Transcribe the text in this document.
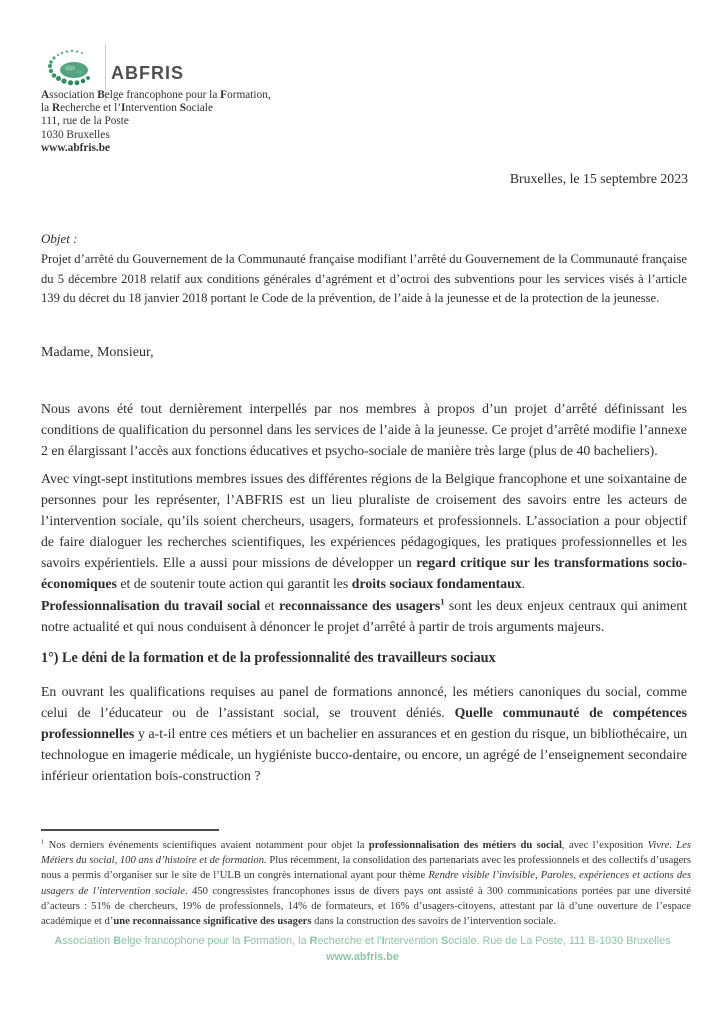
ABFRIS
Association Belge francophone pour la Formation,
la Recherche et l’Intervention Sociale
111, rue de la Poste
1030 Bruxelles
www.abfris.be
Bruxelles, le 15 septembre 2023
Objet :
Projet d’arrêté du Gouvernement de la Communauté française modifiant l’arrêté du Gouvernement de la Communauté française du 5 décembre 2018 relatif aux conditions générales d’agrément et d’octroi des subventions pour les services visés à l’article 139 du décret du 18 janvier 2018 portant le Code de la prévention, de l’aide à la jeunesse et de la protection de la jeunesse.
Madame, Monsieur,
Nous avons été tout dernièrement interpellés par nos membres à propos d’un projet d’arrêté définissant les conditions de qualification du personnel dans les services de l’aide à la jeunesse. Ce projet d’arrêté modifie l’annexe 2 en élargissant l’accès aux fonctions éducatives et psycho-sociale de manière très large (plus de 40 bacheliers).
Avec vingt-sept institutions membres issues des différentes régions de la Belgique francophone et une soixantaine de personnes pour les représenter, l’ABFRIS est un lieu pluraliste de croisement des savoirs entre les acteurs de l’intervention sociale, qu’ils soient chercheurs, usagers, formateurs et professionnels. L’association a pour objectif de faire dialoguer les recherches scientifiques, les expériences pédagogiques, les pratiques professionnelles et les savoirs expérientiels. Elle a aussi pour missions de développer un regard critique sur les transformations socio-économiques et de soutenir toute action qui garantit les droits sociaux fondamentaux.
Professionnalisation du travail social et reconnaissance des usagers$^1$ sont les deux enjeux centraux qui animent notre actualité et qui nous conduisent à dénoncer le projet d’arrêté à partir de trois arguments majeurs.
1°) Le déni de la formation et de la professionnalité des travailleurs sociaux
En ouvrant les qualifications requises au panel de formations annoncé, les métiers canoniques du social, comme celui de l’éducateur ou de l’assistant social, se trouvent déniés. Quelle communauté de compétences professionnelles y a-t-il entre ces métiers et un bachelier en assurances et en gestion du risque, un bibliothécaire, un technologue en imagerie médicale, un hygiéniste bucco-dentaire, ou encore, un agrégé de l’enseignement secondaire inférieur orientation bois-construction ?
$^1$ Nos derniers événements scientifiques avaient notamment pour objet la professionnalisation des métiers du social, avec l’exposition Vivre. Les Métiers du social, 100 ans d’histoire et de formation. Plus récemment, la consolidation des partenariats avec les professionnels et des collectifs d’usagers nous a permis d’organiser sur le site de l’ULB un congrès international ayant pour thème Rendre visible l’invisible, Paroles, expériences et actions des usagers de l’intervention sociale. 450 congressistes francophones issus de divers pays ont assisté à 300 communications portées par une diversité d’acteurs : 51% de chercheurs, 19% de professionnels, 14% de formateurs, et 16% d’usagers-citoyens, attestant par là d’une ouverture de l’espace académique et d’une reconnaissance significative des usagers dans la construction des savoirs de l’intervention sociale.
Association Belge francophone pour la Formation, la Recherche et l’Intervention Sociale. Rue de La Poste, 111 B-1030 Bruxelles
www.abfris.be
